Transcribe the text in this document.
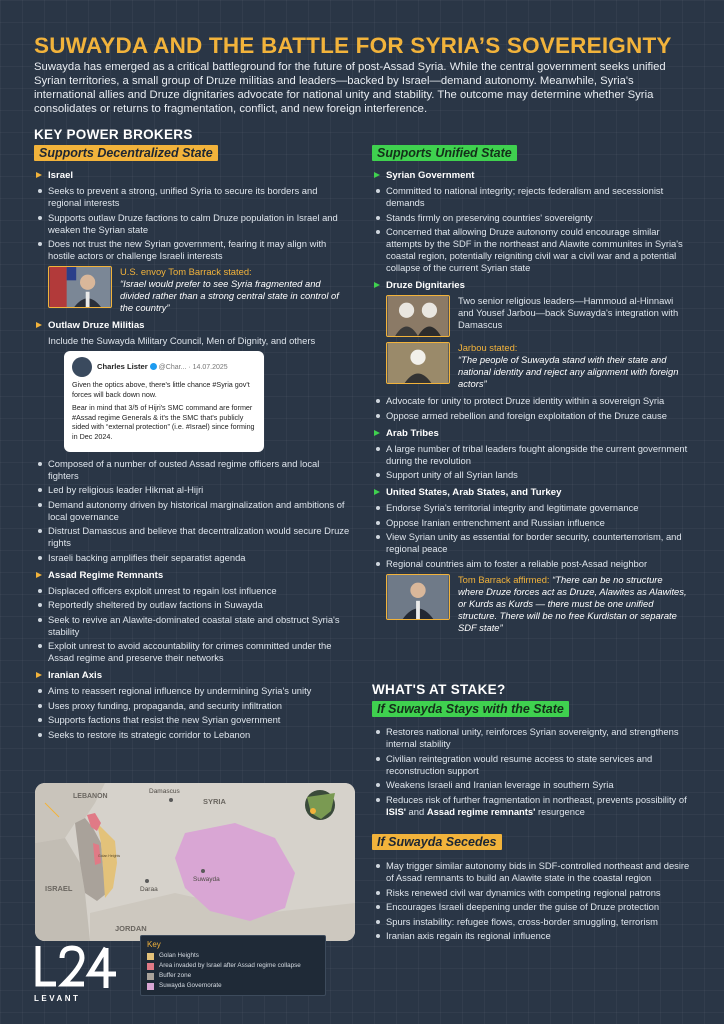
SUWAYDA AND THE BATTLE FOR SYRIA’S SOVEREIGNTY
Suwayda has emerged as a critical battleground for the future of post-Assad Syria. While the central government seeks unified Syrian territories, a small group of Druze militias and leaders—backed by Israel—demand autonomy. Meanwhile, Syria's international allies and Druze dignitaries advocate for national unity and stability. The outcome may determine whether Syria consolidates or returns to fragmentation, conflict, and new foreign interference.
KEY POWER BROKERS
Supports Decentralized State	Supports Unified State
Israel
Seeks to prevent a strong, unified Syria to secure its borders and regional interests
Supports outlaw Druze factions to calm Druze population in Israel and weaken the Syrian state
Does not trust the new Syrian government, fearing it may align with hostile actors or challenge Israeli interests
U.S. envoy Tom Barrack stated:
“Israel would prefer to see Syria fragmented and divided rather than a strong central state in control of the country”
Outlaw Druze Militias
Include the Suwayda Military Council, Men of Dignity, and others
Charles Lister @Char... · 14.07.2025
Given the optics above, there's little chance #Syria gov't forces will back down now.
Bear in mind that 3/5 of Hijri's SMC command are former #Assad regime Generals & it's the SMC that's publicly sided with “external protection” (i.e. #Israel) since forming in Dec 2024.
Composed of a number of ousted Assad regime officers and local fighters
Led by religious leader Hikmat al-Hijri
Demand autonomy driven by historical marginalization and ambitions of local governance
Distrust Damascus and believe that decentralization would secure Druze rights
Israeli backing amplifies their separatist agenda
Assad Regime Remnants
Displaced officers exploit unrest to regain lost influence
Reportedly sheltered by outlaw factions in Suwayda
Seek to revive an Alawite-dominated coastal state and obstruct Syria's stability
Exploit unrest to avoid accountability for crimes committed under the Assad regime and preserve their networks
Iranian Axis
Aims to reassert regional influence by undermining Syria's unity
Uses proxy funding, propaganda, and security infiltration
Supports factions that resist the new Syrian government
Seeks to restore its strategic corridor to Lebanon
Syrian Government
Committed to national integrity; rejects federalism and secessionist demands
Stands firmly on preserving countries' sovereignty
Concerned that allowing Druze autonomy could encourage similar attempts by the SDF in the northeast and Alawite communites in Syria's coastal region, potentially reigniting civil war a civil war and a potential collapse of the current Syrian state
Druze Dignitaries
Two senior religious leaders—Hammoud al-Hinnawi and Yousef Jarbou—back Suwayda's integration with Damascus
Jarbou stated:
“The people of Suwayda stand with their state and national identity and reject any alignment with foreign actors”
Advocate for unity to protect Druze identity within a sovereign Syria
Oppose armed rebellion and foreign exploitation of the Druze cause
Arab Tribes
A large number of tribal leaders fought alongside the current government during the revolution
Support unity of all Syrian lands
United States, Arab States, and Turkey
Endorse Syria's territorial integrity and legitimate governance
Oppose Iranian entrenchment and Russian influence
View Syrian unity as essential for border security, counterterrorism, and regional peace
Regional countries aim to foster a reliable post-Assad neighbor
Tom Barrack affirmed: “There can be no structure where Druze forces act as Druze, Alawites as Alawites, or Kurds as Kurds — there must be one unified structure. There will be no free Kurdistan or separate SDF state”
WHAT'S AT STAKE?
If Suwayda Stays with the State
Restores national unity, reinforces Syrian sovereignty, and strengthens internal stability
Civilian reintegration would resume access to state services and reconstruction support
Weakens Israeli and Iranian leverage in southern Syria
Reduces risk of further fragmentation in northeast, prevents possibility of ISIS' and Assad regime remnants' resurgence
If Suwayda Secedes
May trigger similar autonomy bids in SDF-controlled northeast and desire of Assad remnants to build an Alawite state in the coastal region
Risks renewed civil war dynamics with competing regional patrons
Encourages Israeli deepening under the guise of Druze protection
Spurs instability: refugee flows, cross-border smuggling, terrorism
Iranian axis regain its regional influence
LEBANON
Damascus
SYRIA
ISRAEL	Daraa
Suwayda
JORDAN
Golan Heights
Key
Golan Heights
Area invaded by Israel after Assad regime collapse
Buffer zone
Suwayda Governorate
LEVANT
